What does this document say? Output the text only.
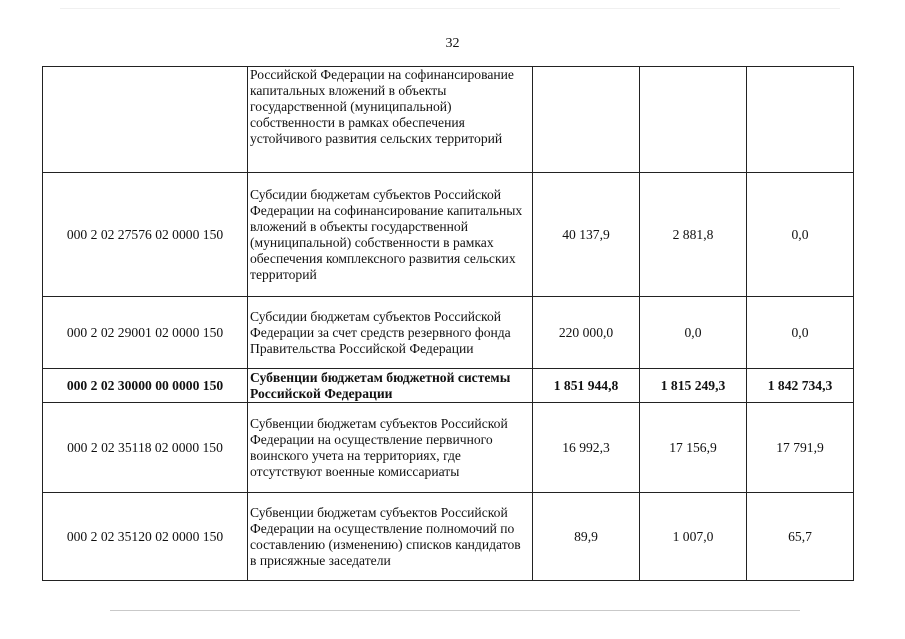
32
	Российской Федерации на софинансирование капитальных вложений в объекты государственной (муниципальной) собственности в рамках обеспечения устойчивого развития сельских территорий			
000 2 02 27576 02 0000 150	Субсидии бюджетам субъектов Российской Федерации на софинансирование капитальных вложений в объекты государственной (муниципальной) собственности в рамках обеспечения комплексного развития сельских территорий	40 137,9	2 881,8	0,0
000 2 02 29001 02 0000 150	Субсидии бюджетам субъектов Российской Федерации за счет средств резервного фонда Правительства Российской Федерации	220 000,0	0,0	0,0
000 2 02 30000 00 0000 150	Субвенции бюджетам бюджетной системы Российской Федерации	1 851 944,8	1 815 249,3	1 842 734,3
000 2 02 35118 02 0000 150	Субвенции бюджетам субъектов Российской Федерации на осуществление первичного воинского учета на территориях, где отсутствуют военные комиссариаты	16 992,3	17 156,9	17 791,9
000 2 02 35120 02 0000 150	Субвенции бюджетам субъектов Российской Федерации на осуществление полномочий по составлению (изменению) списков кандидатов в присяжные заседатели	89,9	1 007,0	65,7
